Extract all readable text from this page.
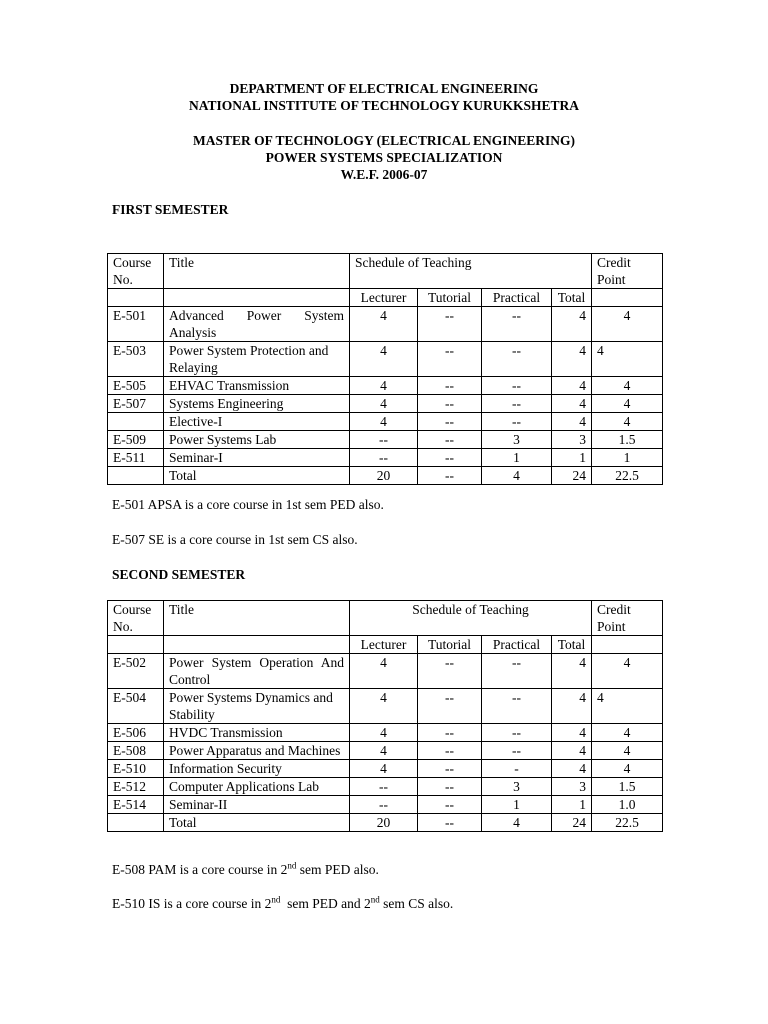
DEPARTMENT OF ELECTRICAL ENGINEERING
NATIONAL INSTITUTE OF TECHNOLOGY KURUKKSHETRA
MASTER OF TECHNOLOGY (ELECTRICAL ENGINEERING)
POWER SYSTEMS SPECIALIZATION
W.E.F. 2006-07
FIRST SEMESTER
Course
No.	Title	Schedule of Teaching				Credit
Point
		Lecturer	Tutorial	Practical	Total	
E-501	Advanced Power System Analysis	4	--	--	4	4
E-503	Power System Protection and Relaying	4	--	--	4	4
E-505	EHVAC Transmission	4	--	--	4	4
E-507	Systems Engineering	4	--	--	4	4
	Elective-I	4	--	--	4	4
E-509	Power Systems Lab	--	--	3	3	1.5
E-511	Seminar-I	--	--	1	1	1
	Total	20	--	4	24	22.5
E-501 APSA is a core course in 1st sem PED also.
E-507 SE is a core course in 1st sem CS also.
SECOND SEMESTER
Course
No.	Title	Schedule of Teaching				Credit
Point
		Lecturer	Tutorial	Practical	Total	
E-502	Power System Operation And Control	4	--	--	4	4
E-504	Power Systems Dynamics and Stability	4	--	--	4	4
E-506	HVDC Transmission	4	--	--	4	4
E-508	Power Apparatus and Machines	4	--	--	4	4
E-510	Information Security	4	--	-	4	4
E-512	Computer Applications Lab	--	--	3	3	1.5
E-514	Seminar-II	--	--	1	1	1.0
	Total	20	--	4	24	22.5
E-508 PAM is a core course in 2nd sem PED also.
E-510 IS is a core course in 2nd  sem PED and 2nd sem CS also.
